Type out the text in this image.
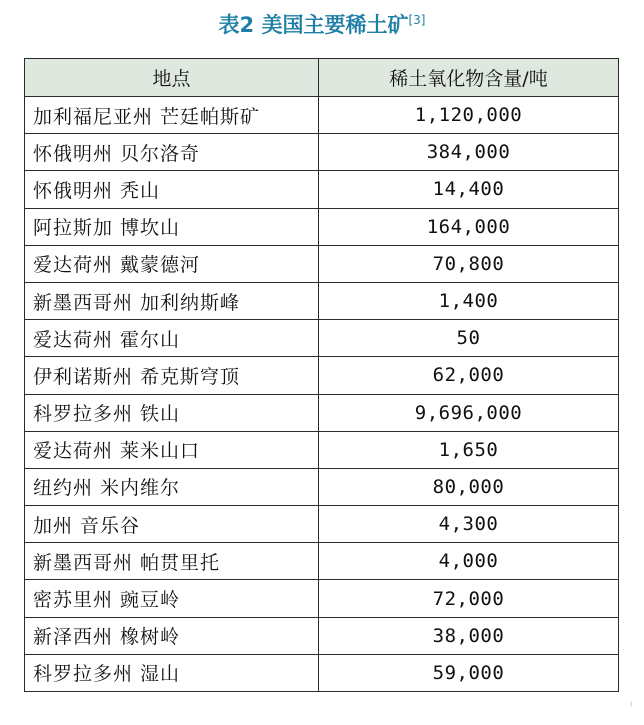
表2 美国主要稀土矿[3]
地点	稀土氧化物含量/吨
加利福尼亚州 芒廷帕斯矿	1,120,000
怀俄明州 贝尔洛奇	384,000
怀俄明州 秃山	14,400
阿拉斯加 博坎山	164,000
爱达荷州 戴蒙德河	70,800
新墨西哥州 加利纳斯峰	1,400
爱达荷州 霍尔山	50
伊利诺斯州 希克斯穹顶	62,000
科罗拉多州 铁山	9,696,000
爱达荷州 莱米山口	1,650
纽约州 米内维尔	80,000
加州 音乐谷	4,300
新墨西哥州 帕贯里托	4,000
密苏里州 豌豆岭	72,000
新泽西州 橡树岭	38,000
科罗拉多州 湿山	59,000
⁝
